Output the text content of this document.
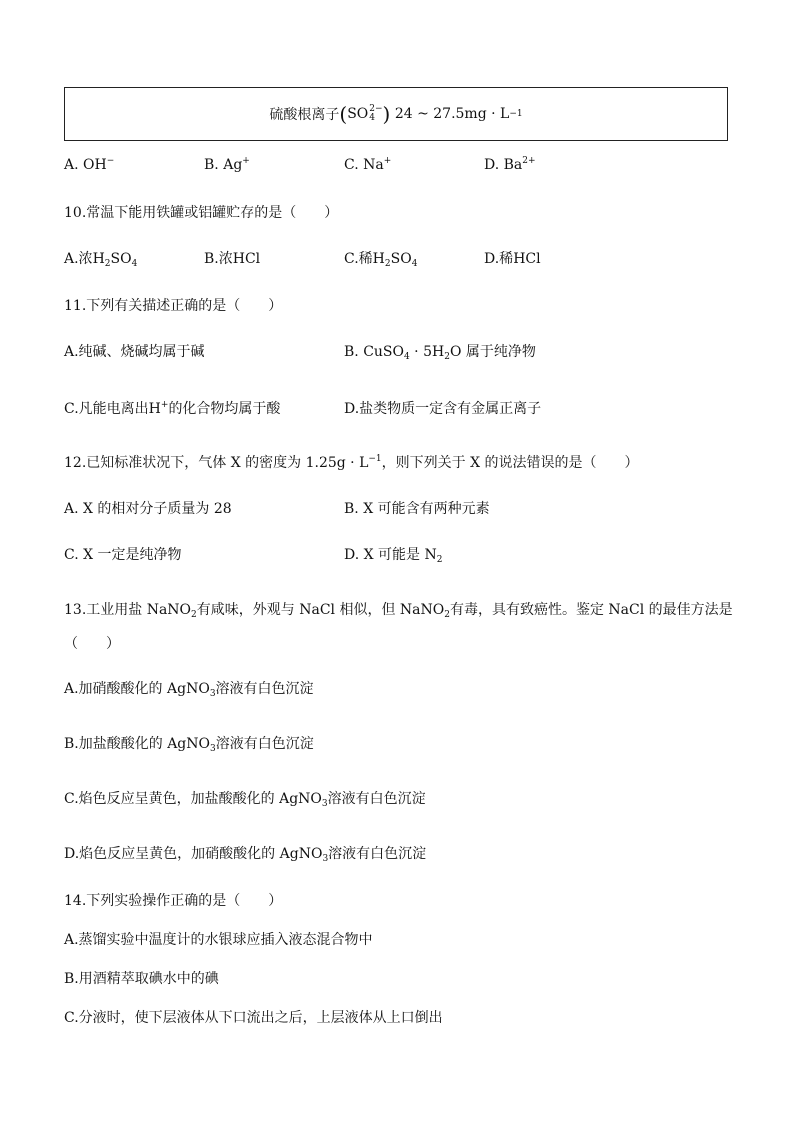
硫酸根离子 ( SO 2−
4 )
24 ~ 27.5mg · L −1
A. OH−	B. Ag+	C. Na+	D. $Ba^{2+}$
10.常温下能用铁罐或铝罐贮存的是（　　）
A.浓$H_2SO_4$	B.浓HCl	C.稀$H_2SO_4$	D.稀HCl
11.下列有关描述正确的是（　　）
A.纯碱、烧碱均属于碱	B. CuSO$_4$ · $5H_2O$ 属于纯净物
C.凡能电离出H+的化合物均属于酸	D.盐类物质一定含有金属正离子
12.已知标准状况下，气体 X 的密度为 $1.25g \cdot L^{-1}$，则下列关于 X 的说法错误的是（　　）
A. X 的相对分子质量为 28	B. X 可能含有两种元素
C. X 一定是纯净物	D. X 可能是 $N_2$
13.工业用盐 NaNO$_2$有咸味，外观与 NaCl 相似，但 NaNO$_2$有毒，具有致癌性。鉴定 NaCl 的最佳方法是
（　　）
A.加硝酸酸化的 AgNO$_3$溶液有白色沉淀
B.加盐酸酸化的 AgNO$_3$溶液有白色沉淀
C.焰色反应呈黄色，加盐酸酸化的 AgNO$_3$溶液有白色沉淀
D.焰色反应呈黄色，加硝酸酸化的 AgNO$_3$溶液有白色沉淀
14.下列实验操作正确的是（　　）
A.蒸馏实验中温度计的水银球应插入液态混合物中
B.用酒精萃取碘水中的碘
C.分液时，使下层液体从下口流出之后，上层液体从上口倒出
